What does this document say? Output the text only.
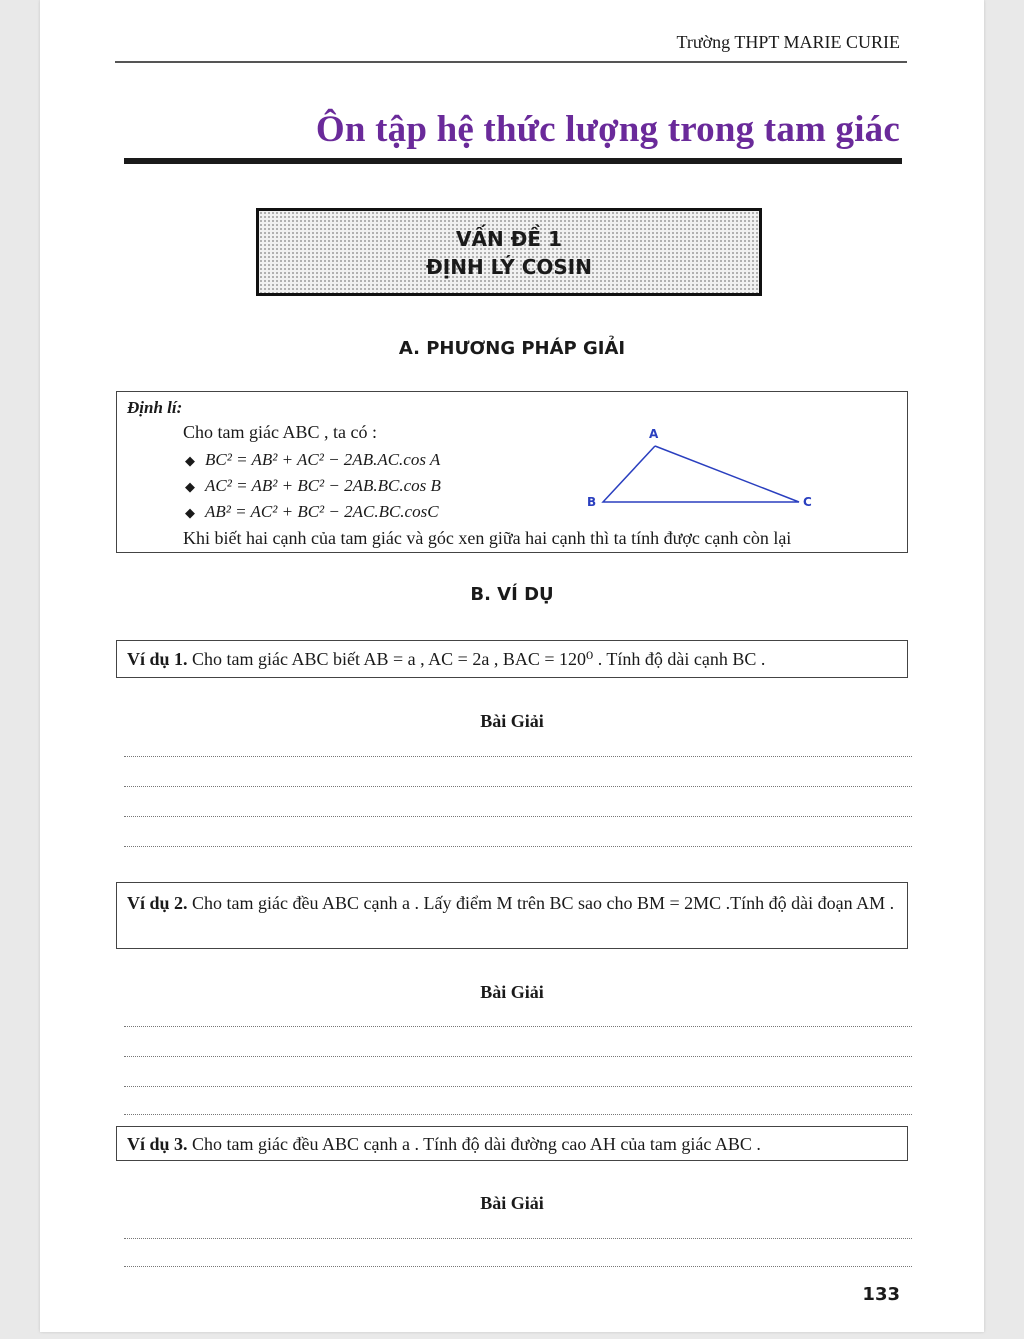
Trường THPT MARIE CURIE
Ôn tập hệ thức lượng trong tam giác
VẤN ĐỀ 1
ĐỊNH LÝ COSIN
A. PHƯƠNG PHÁP GIẢI
Định lí:
Cho tam giác ABC , ta có :
◆ BC² = AB² + AC² − 2AB.AC.cos A
◆ AC² = AB² + BC² − 2AB.BC.cos B
◆ AB² = AC² + BC² − 2AC.BC.cosC
A
B	C
Khi biết hai cạnh của tam giác và góc xen giữa hai cạnh thì ta tính được cạnh còn lại
B. VÍ DỤ
Ví dụ 1. Cho tam giác ABC biết AB = a , AC = 2a , BAC = 120⁰ . Tính độ dài cạnh BC .
Bài Giải
Ví dụ 2. Cho tam giác đều ABC cạnh a . Lấy điểm M trên BC sao cho BM = 2MC .Tính độ dài đoạn AM .
Bài Giải
Ví dụ 3. Cho tam giác đều ABC cạnh a . Tính độ dài đường cao AH của tam giác ABC .
Bài Giải
133
